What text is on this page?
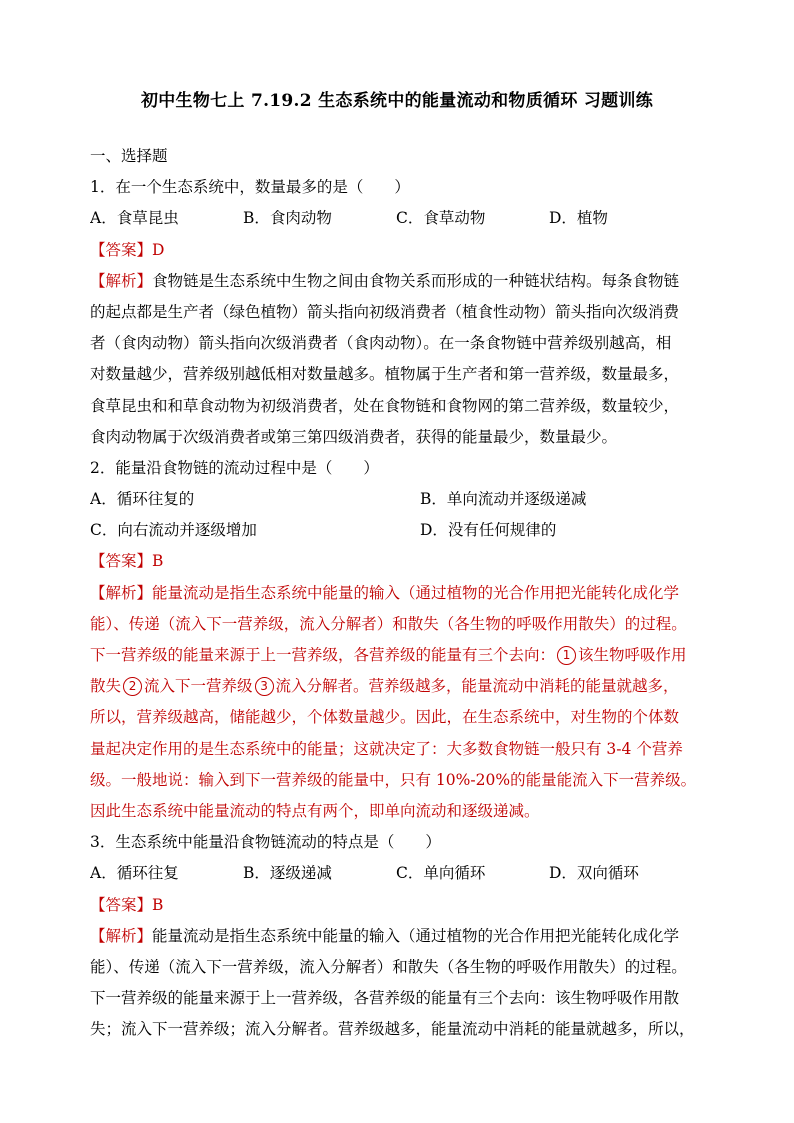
初中生物七上 7.19.2 生态系统中的能量流动和物质循环 习题训练
一、选择题
1．在一个生态系统中，数量最多的是（　　）
A．食草昆虫	B．食肉动物	C．食草动物	D．植物
【答案】D
【解析】食物链是生态系统中生物之间由食物关系而形成的一种链状结构。每条食物链
的起点都是生产者（绿色植物）箭头指向初级消费者（植食性动物）箭头指向次级消费
者（食肉动物）箭头指向次级消费者（食肉动物）。在一条食物链中营养级别越高，相
对数量越少，营养级别越低相对数量越多。植物属于生产者和第一营养级，数量最多，
食草昆虫和和草食动物为初级消费者，处在食物链和食物网的第二营养级，数量较少，
食肉动物属于次级消费者或第三第四级消费者，获得的能量最少，数量最少。
2．能量沿食物链的流动过程中是（　　）
A．循环往复的	B．单向流动并逐级递减
C．向右流动并逐级增加	D．没有任何规律的
【答案】B
【解析】能量流动是指生态系统中能量的输入（通过植物的光合作用把光能转化成化学
能）、传递（流入下一营养级，流入分解者）和散失（各生物的呼吸作用散失）的过程。
下一营养级的能量来源于上一营养级，各营养级的能量有三个去向： 1 该生物呼吸作用
散失 2 流入下一营养级 3 流入分解者。营养级越多，能量流动中消耗的能量就越多，
所以，营养级越高，储能越少，个体数量越少。因此，在生态系统中，对生物的个体数
量起决定作用的是生态系统中的能量；这就决定了：大多数食物链一般只有 3-4 个营养
级。一般地说：输入到下一营养级的能量中，只有 10%-20%的能量能流入下一营养级。
因此生态系统中能量流动的特点有两个，即单向流动和逐级递减。
3．生态系统中能量沿食物链流动的特点是（　　）
A．循环往复	B．逐级递减	C．单向循环	D．双向循环
【答案】B
【解析】能量流动是指生态系统中能量的输入（通过植物的光合作用把光能转化成化学
能）、传递（流入下一营养级，流入分解者）和散失（各生物的呼吸作用散失）的过程。
下一营养级的能量来源于上一营养级，各营养级的能量有三个去向：该生物呼吸作用散
失；流入下一营养级；流入分解者。营养级越多，能量流动中消耗的能量就越多，所以，
